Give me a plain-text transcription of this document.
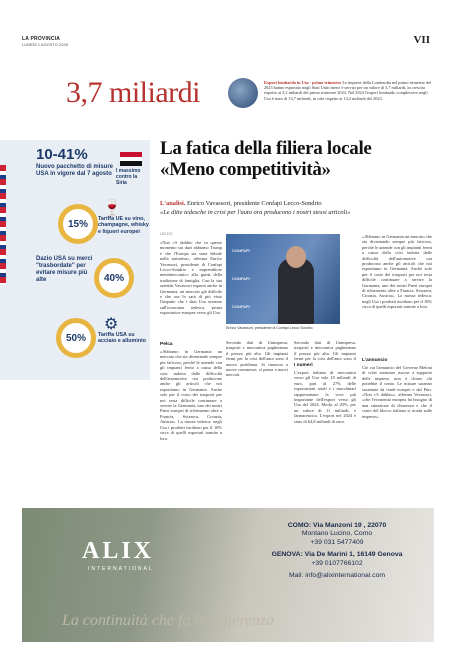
LA PROVINCIA
LUNEDÌ 1 AGOSTO 2025	VII
3,7 miliardi	Export lombardo in Usa - primo trimestre Le imprese della Lombardia nel primo trimestre del 2025 hanno esportato negli Stati Uniti merci e servizi per un valore di 3,7 miliardi, in crescita rispetto ai 3,2 miliardi del primo trimestre 2024. Nel 2024 l'export lombardo complessivo negli Usa è stato di 13,7 miliardi, in calo rispetto ai 14,2 miliardi del 2023.
10-41%
Nuovo pacchetto di misure USA in vigore dal 7 agosto I massimo contro la Siria
15%
🍷
Tariffa UE su vino, champagne, whisky e liquori europei
Dazio USA su merci "trasbordate" per evitare misure più alte	40%
50%
⚙
Tariffa USA su acciaio e alluminio
La fatica della filiera locale «Meno competitività»
L'analisi. Enrico Vavassori, presidente Confapi Lecco-Sondrio
«Le ditte tedesche in crisi per l'auto ora producono i nostri stessi articoli»
LECCO
CONFAPI
CONFAPI
CONFAPI
Enrico Vavassori, presidente di Confapi Lecco Sondrio
«Non c'è dubbio che in questo momento sui dazi abbiamo Trump e che l'Europa sia stata debole nella trattativa», afferma Enrico Vavassori, presidente di Confapi Lecco-Sondrio e imprenditore metalmeccanico alla guida della tradizione di famiglia. Con la sua azienda Vavassori esporta anche in Germania, un mercato già difficile e che ora lo sarà di più visto l'impatto che i dazi Usa avranno sull'economia tedesca, prima esportatrice europea verso gli Usa.
Pelca
«Abbiamo in Germania un mercato che sta diventando sempre più faticoso, perché le aziende con gli impianti fermi a causa della crisi indotta dalle difficoltà dell'automotive ora producono anche gli articoli che noi esportiamo in Germania. Anche solo per il costo dei trasporti per noi resta difficile continuare a servire la Germania, uno dei nostri Paesi europei di riferimento oltre a Francia, Svizzera, Croazia, Austria». La mossa tedesca: negli Usa i prodotti incidono per il 10% circa di quelli esportati tramite a loro.
Secondo dati di Unimpresa, trasporti e meccanica pagheranno il prezzo più alto. Gli impianti fermi per la crisi dell'auto sono il nuovo problema. Si rinuncia a nuove commesse, si pensa a nuovi mercati.
I numeri
Secondo dati di Unimpresa, trasporti e meccanica pagheranno il prezzo più alto. Gli impianti fermi per la crisi dell'auto sono il
L'export italiano di meccanica verso gli Usa vale 18 miliardi di euro, pari al 27% delle esportazioni totali e i macchinari rappresentano la voce più importante dell'export verso gli Usa del 2024. Moda, al 20%, per un valore di 11 miliardi, e farmaceutica. L'export nel 2024 è stato di 64,8 miliardi di euro.
«Abbiamo in Germania un mercato che sta diventando sempre più faticoso, perché le aziende con gli impianti fermi a causa della crisi indotta dalle difficoltà dell'automotive ora producono anche gli articoli che noi esportiamo in Germania. Anche solo per il costo dei trasporti per noi resta difficile continuare a servire la Germania, uno dei nostri Paesi europei di riferimento oltre a Francia, Svizzera, Croazia, Austria». La mossa tedesca: negli Usa i prodotti incidono per il 10% circa di quelli esportati tramite a loro.
L'annuncio
Ciò cui l'annuncio del Governo Meloni di voler stanziare risorse a supporto delle imprese, non è chiaro chi potrebbe il conto. Le misure saranno sostenute da fondi europei e dal Pnrr. «Non c'è dubbio», afferma Vavassori, «che l'economia europea ha bisogno di una situazione di chiarezza e che il conto del blocco italiano si ricada sulle imprese».
ALIX
INTERNATIONAL

COMO: Via Manzoni 19 , 22070
Montano Lucino, Como
+39 031 5477409

GENOVA: Via De Marini 1, 16149 Genova
+39 0107766102

Mail: info@alixinternational.com

La continuità che fa la differenza
